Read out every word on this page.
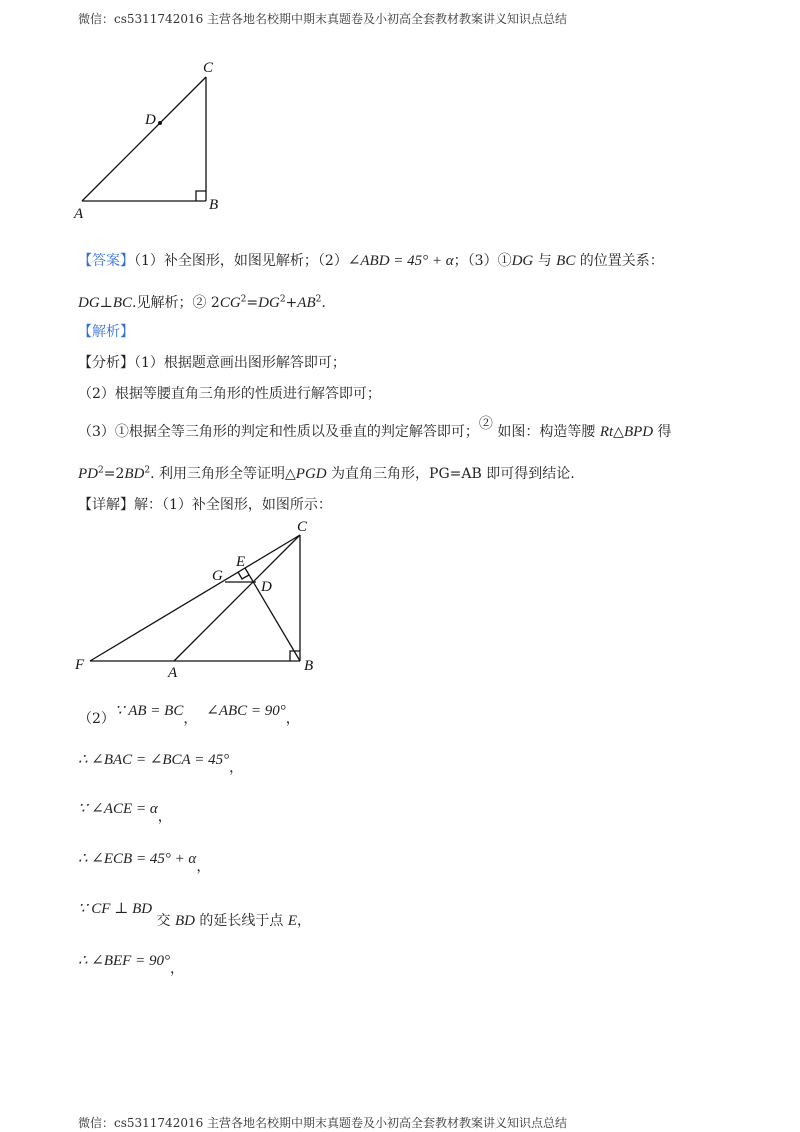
微信：cs5311742016 主营各地名校期中期末真题卷及小初高全套教材教案讲义知识点总结
微信：cs5311742016 主营各地名校期中期末真题卷及小初高全套教材教案讲义知识点总结
C
D
A
B
【答案】（1）补全图形，如图见解析；（2）∠ABD = 45° + α；（3）①DG 与 BC 的位置关系：
DG⊥BC.见解析；② $2CG^2=DG^2+AB^2$.
【解析】
【分析】（1）根据题意画出图形解答即可；
（2）根据等腰直角三角形的性质进行解答即可；
（3）①根据全等三角形的判定和性质以及垂直的判定解答即可；② 如图：构造等腰 Rt△BPD 得
$PD^2=2BD^2$. 利用三角形全等证明△PGD 为直角三角形，PG=AB 即可得到结论.
【详解】解：（1）补全图形，如图所示：
C
E
G
D
F	A	B
（2）∵ AB = BC， ∠ABC = 90°，
∴ ∠BAC = ∠BCA = 45°，
∵ ∠ACE = α，
∴ ∠ECB = 45° + α，
∵ CF ⊥ BD 交 BD 的延长线于点 E，
∴ ∠BEF = 90°，
